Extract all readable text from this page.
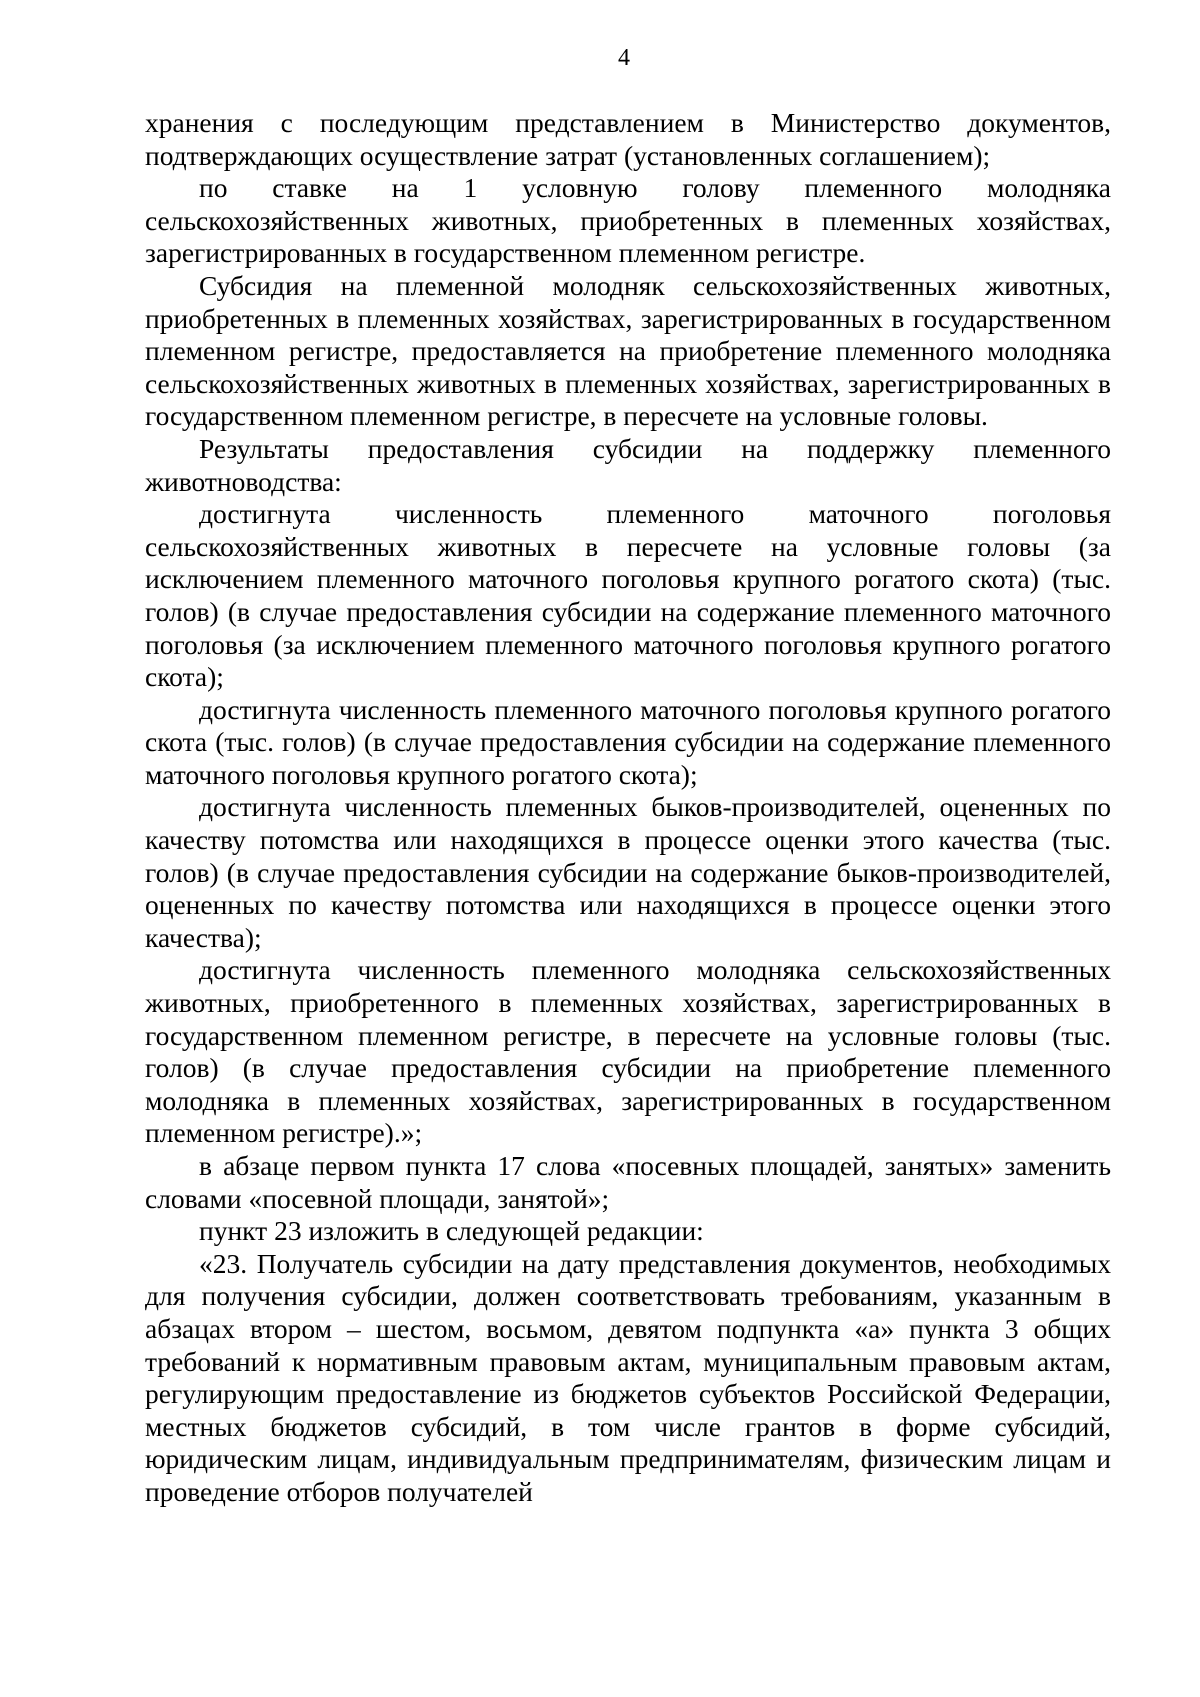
4

хранения с последующим представлением в Министерство документов, подтверждающих осуществление затрат (установленных соглашением);

по ставке на 1 условную голову племенного молодняка сельскохозяйственных животных, приобретенных в племенных хозяйствах, зарегистрированных в государственном племенном регистре.

Субсидия на племенной молодняк сельскохозяйственных животных, приобретенных в племенных хозяйствах, зарегистрированных в государственном племенном регистре, предоставляется на приобретение племенного молодняка сельскохозяйственных животных в племенных хозяйствах, зарегистрированных в государственном племенном регистре, в пересчете на условные головы.

Результаты предоставления субсидии на поддержку племенного животноводства:

достигнута численность племенного маточного поголовья сельскохозяйственных животных в пересчете на условные головы (за исключением племенного маточного поголовья крупного рогатого скота) (тыс. голов) (в случае предоставления субсидии на содержание племенного маточного поголовья (за исключением племенного маточного поголовья крупного рогатого скота);

достигнута численность племенного маточного поголовья крупного рогатого скота (тыс. голов) (в случае предоставления субсидии на содержание племенного маточного поголовья крупного рогатого скота);

достигнута численность племенных быков-производителей, оцененных по качеству потомства или находящихся в процессе оценки этого качества (тыс. голов) (в случае предоставления субсидии на содержание быков-производителей, оцененных по качеству потомства или находящихся в процессе оценки этого качества);

достигнута численность племенного молодняка сельскохозяйственных животных, приобретенного в племенных хозяйствах, зарегистрированных в государственном племенном регистре, в пересчете на условные головы (тыс. голов) (в случае предоставления субсидии на приобретение племенного молодняка в племенных хозяйствах, зарегистрированных в государственном племенном регистре).»;

в абзаце первом пункта 17 слова «посевных площадей, занятых» заменить словами «посевной площади, занятой»;

пункт 23 изложить в следующей редакции:

«23. Получатель субсидии на дату представления документов, необходимых для получения субсидии, должен соответствовать требованиям, указанным в абзацах втором – шестом, восьмом, девятом подпункта «а» пункта 3 общих требований к нормативным правовым актам, муниципальным правовым актам, регулирующим предоставление из бюджетов субъектов Российской Федерации, местных бюджетов субсидий, в том числе грантов в форме субсидий, юридическим лицам, индивидуальным предпринимателям, физическим лицам и проведение отборов получателей
